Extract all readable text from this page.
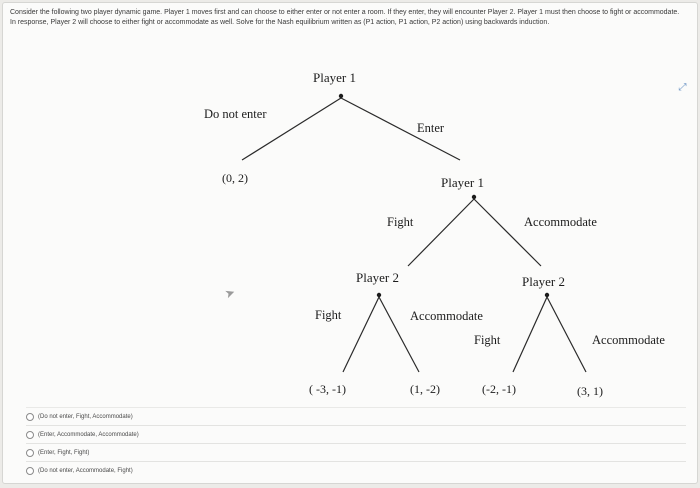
Consider the following two player dynamic game. Player 1 moves first and can choose to either enter or not enter a room. If they enter, they will encounter Player 2. Player 1 must then choose to fight or accommodate. In response, Player 2 will choose to either fight or accommodate as well. Solve for the Nash equilibrium written as (P1 action, P1 action, P2 action) using backwards induction.
⤢
Player 1
Do not enter
Enter
(0, 2)	Player 1
Fight	Accommodate
Player 2	Player 2
Fight	Accommodate
Fight	Accommodate
( -3, -1)	(1, -2)	(-2, -1)	(3, 1)
➤
(Do not enter, Fight, Accommodate)
(Enter, Accommodate, Accommodate)
(Enter, Fight, Fight)
(Do not enter, Accommodate, Fight)
